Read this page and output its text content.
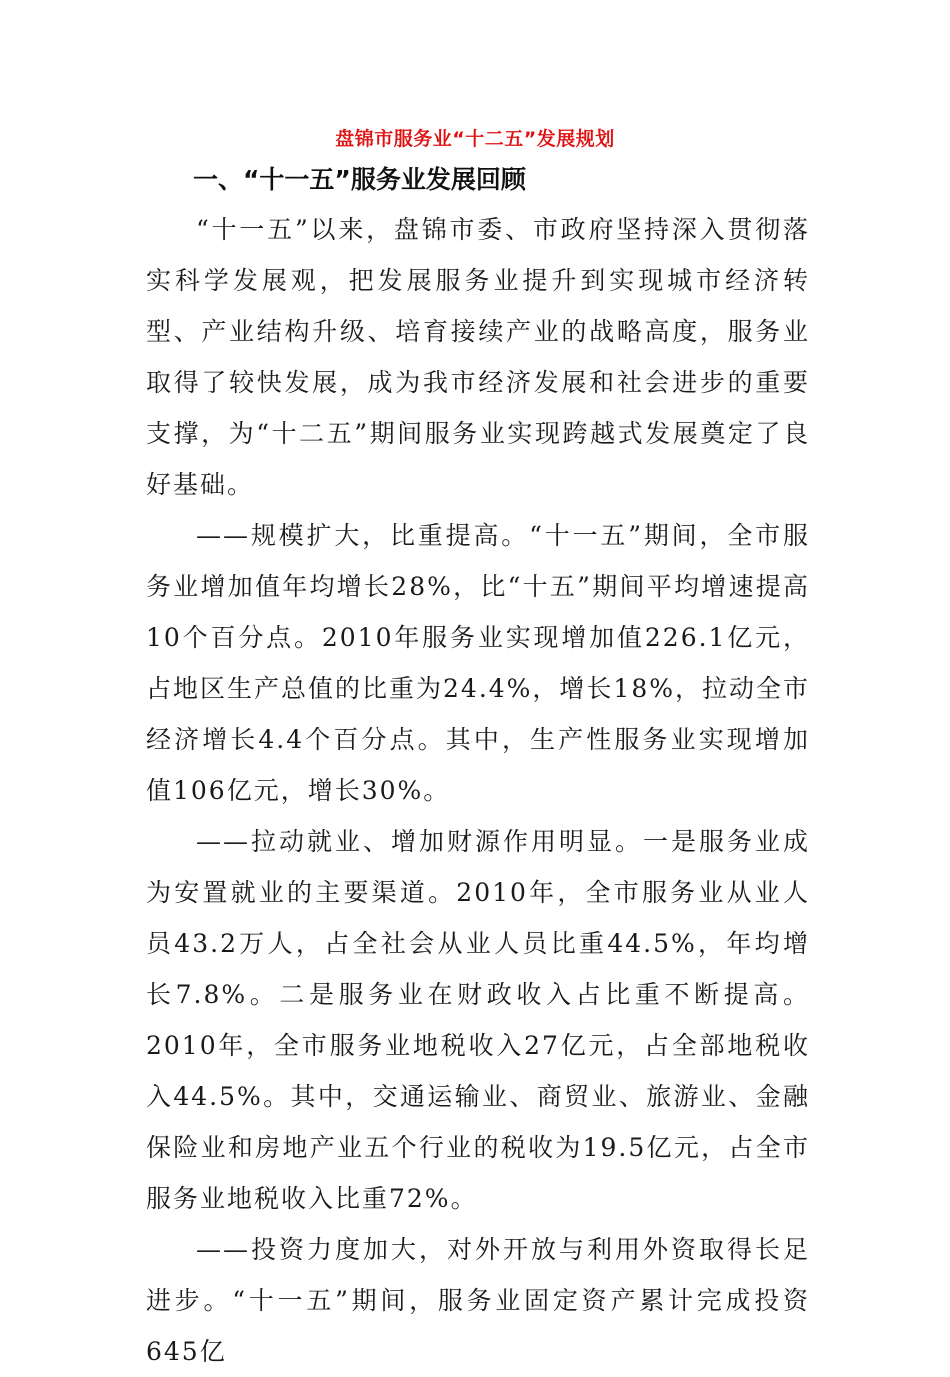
盘锦市服务业“十二五”发展规划
一、“十一五”服务业发展回顾

“十一五”以来，盘锦市委、市政府坚持深入贯彻落实科学发展观，把发展服务业提升到实现城市经济转型、产业结构升级、培育接续产业的战略高度，服务业取得了较快发展，成为我市经济发展和社会进步的重要支撑，为“十二五”期间服务业实现跨越式发展奠定了良好基础。

——规模扩大，比重提高。“十一五”期间，全市服务业增加值年均增长28%，比“十五”期间平均增速提高10个百分点。2010年服务业实现增加值226.1亿元，占地区生产总值的比重为24.4%，增长18%，拉动全市经济增长4.4个百分点。其中，生产性服务业实现增加值106亿元，增长30%。

——拉动就业、增加财源作用明显。一是服务业成为安置就业的主要渠道。2010年，全市服务业从业人员43.2万人，占全社会从业人员比重44.5%，年均增长7.8%。二是服务业在财政收入占比重不断提高。2010年，全市服务业地税收入27亿元，占全部地税收入44.5%。其中，交通运输业、商贸业、旅游业、金融保险业和房地产业五个行业的税收为19.5亿元，占全市服务业地税收入比重72%。

——投资力度加大，对外开放与利用外资取得长足进步。“十一五”期间，服务业固定资产累计完成投资645亿
